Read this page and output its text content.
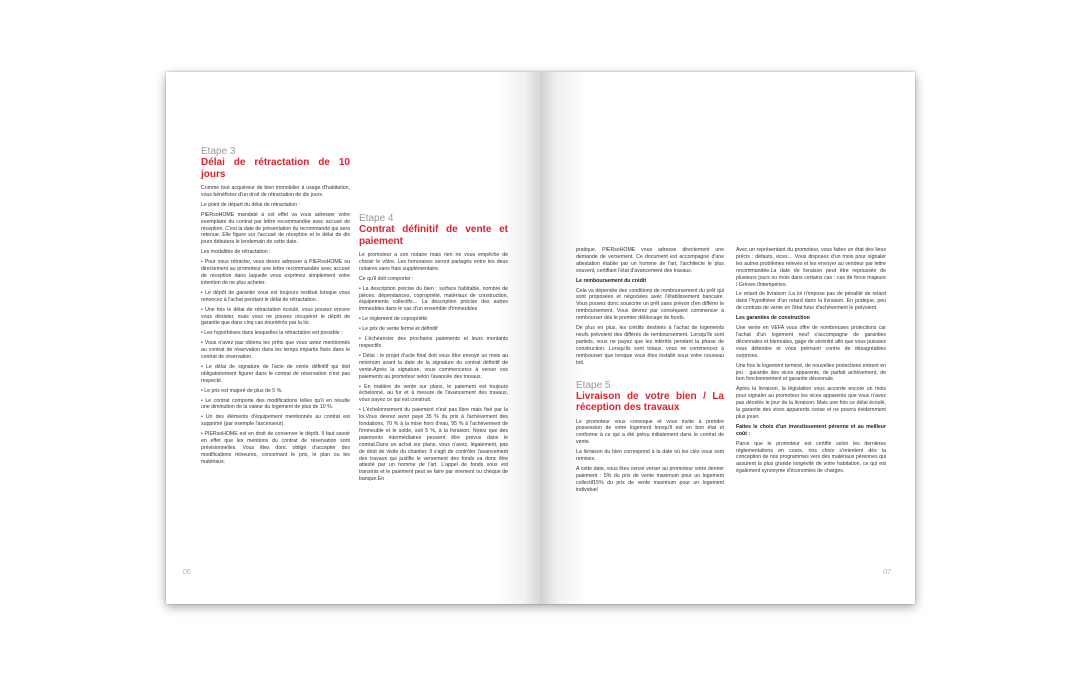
Etape 3
Délai de rétractation de 10 jours

Comme tout acquéreur de bien immobilier à usage d'habitation, vous bénéficiez d'un droit de rétractation de dix jours.

Le point de départ du délai de rétractation :

PIERsoHOME mandaté à cet effet va vous adresser votre exemplaire du contrat par lettre recommandée avec accusé de réception. C'est la date de présentation du recommandé qui sera retenue. Elle figure sur l'accusé de réception et le délai de dix jours débutera le lendemain de cette date.

Les modalités de rétractation :

• Pour vous rétracter, vous devez adresser à PIERsoHOME ou directement au promoteur une lettre recommandée avec accusé de réception dans laquelle vous exprimez simplement votre intention de ne plus acheter.

• Le dépôt de garantie vous est toujours restitué lorsque vous renoncez à l'achat pendant le délai de rétractation.

• Une fois le délai de rétractation écoulé, vous pouvez encore vous désister, mais vous ne pouvez récupérer le dépôt de garantie que dans cinq cas énumérés par la loi.

• Les hypothèses dans lesquelles la rétractation est possible :

• Vous n'avez pas obtenu les prêts que vous aviez mentionnés au contrat de réservation dans les temps impartis fixés dans le contrat de réservation.

• Le délai de signature de l'acte de vente définitif qui doit obligatoirement figurer dans le contrat de réservation n'est pas respecté.

• Le prix est majoré de plus de 5 %.

• Le contrat comporte des modifications telles qu'il en résulte une diminution de la valeur du logement de plus de 10 %.

• Un des éléments d'équipement mentionnés au contrat est supprimé (par exemple l'ascenseur).

• PIERsoHOME est en droit de conserver le dépôt. Il faut savoir en effet que les mentions du contrat de réservation sont prévisionnelles. Vous êtes donc obligé d'accepter des modifications mineures, concernant le prix, le plan ou les matériaux.

Etape 4
Contrat définitif de vente et paiement

Le promoteur a son notaire mais rien ne vous empêche de choisir le vôtre. Les honoraires seront partagés entre les deux notaires sans frais supplémentaire.

Ce qu'il doit comporter :

• La description précise du bien : surface habitable, nombre de pièces, dépendances, copropriété, matériaux de construction, équipements collectifs… La description précise des autres immeubles dans le cas d'un ensemble d'immeubles

• Le règlement de copropriété

• Le prix de vente ferme et définitif

• L'échéancier des prochains paiements et leurs montants respectifs

• Délai : le projet d'acte final doit vous être envoyé un mois au minimum avant la date de la signature du contrat définitif de vente.Après la signature, vous commencerez à verser vos paiements au promoteur selon l'avancée des travaux.

• En matière de vente sur plans, le paiement est toujours échelonné, au fur et à mesure de l'avancement des travaux, vous payez ce qui est construit.

• L'échelonnement du paiement n'est pas libre mais fixé par la loi.Vous devrez avoir payé 35 % du prix à l'achèvement des fondations, 70 % à la mise hors d'eau, 95 % à l'achèvement de l'immeuble et le solde, soit 5 %, à la livraison. Notez que des paiements intermédiaires peuvent être prévus dans le contrat.Dans un achat sur plans, vous n'avez, légalement, pas de droit de visite du chantier. Il s'agit de contrôler l'avancement des travaux qui justifie le versement des fonds va donc être attesté par un homme de l'art. L'appel de fonds vous est transmis et le paiement peut se faire par virement ou chèque de banque.En

06

pratique, PIERsoHOME vous adresse directement une demande de versement. Ce document est accompagné d'une attestation établie par un homme de l'art, l'architecte le plus souvent, certifiant l'état d'avancement des travaux.

Le remboursement du crédit

Cela va dépendre des conditions de remboursement du prêt qui sont proposées et négociées avec l'établissement bancaire. Vous pouvez donc souscrire un prêt sans prévoir d'en différer le remboursement. Vous devrez par conséquent commencer à rembourser dès le premier déblocage de fonds.

De plus en plus, les crédits destinés à l'achat de logements neufs prévoient des différés de remboursement. Lorsqu'ils sont partiels, vous ne payez que les intérêts pendant la phase de construction. Lorsqu'ils sont totaux, vous ne commencez à rembourser que lorsque vous êtes installé sous votre nouveau toit.

Etape 5
Livraison de votre bien / La réception des travaux

Le promoteur vous convoque et vous invite à prendre possession de votre logement lorsqu'il est en bon état et conforme à ce qui a été prévu initialement dans le contrat de vente.

La livraison du bien correspond à la date où les clés vous sont remises.

A cette date, vous êtes censé verser au promoteur votre dernier paiement : 5% du prix de vente maximum pour un logement collectif15% du prix de vente maximum pour un logement individuel

Avec un représentant du promoteur, vous faites un état des lieux précis : défauts, vices… Vous disposez d'un mois pour signaler les autres problèmes relevés et les envoyer au vendeur par lettre recommandée.La date de livraison peut être repoussée de plusieurs jours ou mois dans certains cas : cas de force majeure / Grèves /Intempéries.

Le retard de livraison :La loi n'impose pas de pénalité de retard dans l'hypothèse d'un retard dans la livraison. En pratique, peu de contrats de vente en l'état futur d'achèvement le prévoient.

Les garanties de construction

Une vente en VEFA vous offre de nombreuses protections car l'achat d'un logement neuf s'accompagne de garanties décennales et biennales, gage de sérénité afin que vous puissiez vous détendre et vous prémunir contre de désagréables surprises.

Une fois le logement terminé, de nouvelles protections entrent en jeu : garantie des vices apparents, de parfait achèvement, de bon fonctionnement et garantie décennale.

Après la livraison, la législation vous accorde encore un mois pour signaler au promoteur les vices apparents que vous n'avez pas décelés le jour de la livraison. Mais une fois ce délai écoulé, la garantie des vices apparents cesse et ne pourra évidemment plus jouer.

Faites le choix d'un investissement pérenne et au meilleur coût :

Parce que le promoteur est certifié selon les dernières réglementations en cours, nos choix s'orientent dès la conception de nos programmes vers des matériaux pérennes qui assurent la plus grande longévité de votre habitation, ce qui est également synonyme d'économies de charges.

07
